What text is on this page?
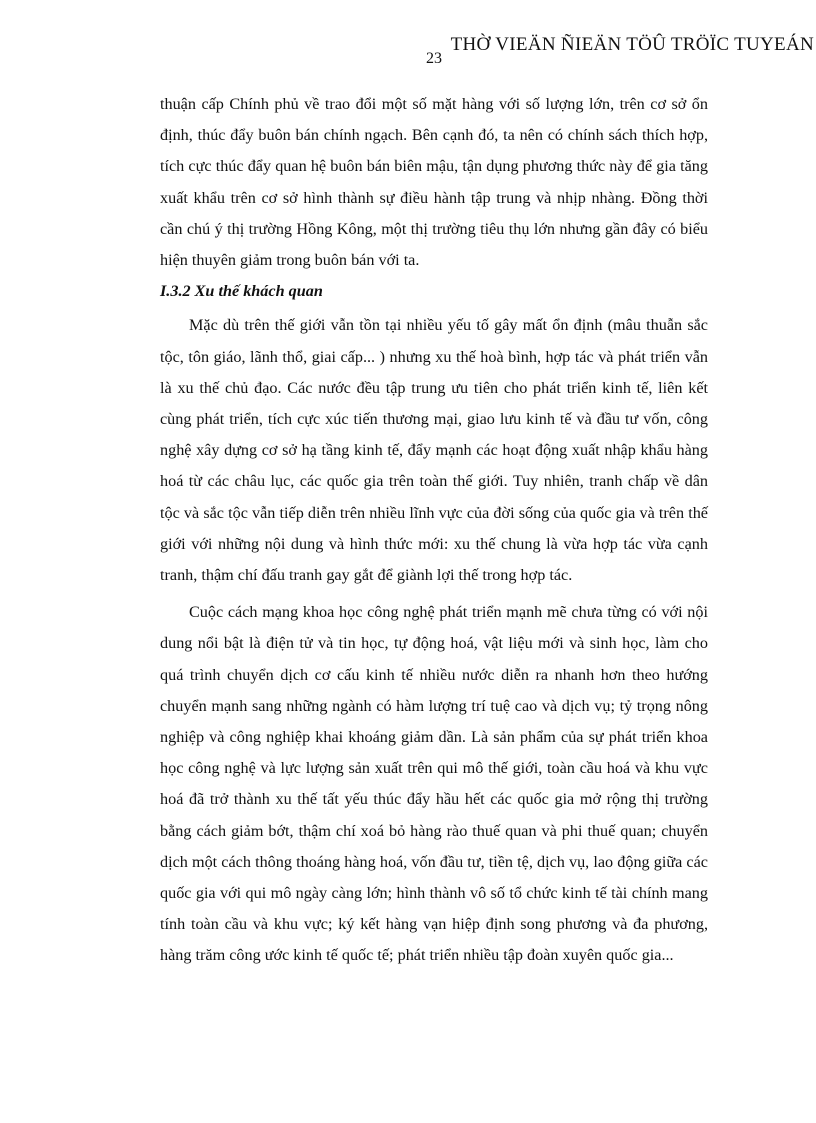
THỜ VIEÄN ÑIEÄN TÖÛ TRÖÏC TUYEÁN
23

thuận cấp Chính phủ về trao đổi một số mặt hàng với số lượng lớn, trên cơ sở ổn định, thúc đẩy buôn bán chính ngạch. Bên cạnh đó, ta nên có chính sách thích hợp, tích cực thúc đẩy quan hệ buôn bán biên mậu, tận dụng phương thức này để gia tăng xuất khẩu trên cơ sở hình thành sự điều hành tập trung và nhịp nhàng. Đồng thời cần chú ý thị trường Hồng Kông, một thị trường tiêu thụ lớn nhưng gần đây có biểu hiện thuyên giảm trong buôn bán với ta.

I.3.2 Xu thế khách quan

Mặc dù trên thế giới vẫn tồn tại nhiều yếu tố gây mất ổn định (mâu thuẫn sắc tộc, tôn giáo, lãnh thổ, giai cấp... ) nhưng xu thế hoà bình, hợp tác và phát triển vẫn là xu thế chủ đạo. Các nước đều tập trung ưu tiên cho phát triển kinh tế, liên kết cùng phát triển, tích cực xúc tiến thương mại, giao lưu kinh tế và đầu tư vốn, công nghệ xây dựng cơ sở hạ tầng kinh tế, đẩy mạnh các hoạt động xuất nhập khẩu hàng hoá từ các châu lục, các quốc gia trên toàn thế giới. Tuy nhiên, tranh chấp về dân tộc và sắc tộc vẫn tiếp diễn trên nhiều lĩnh vực của đời sống của quốc gia và trên thế giới với những nội dung và hình thức mới: xu thế chung là vừa hợp tác vừa cạnh tranh, thậm chí đấu tranh gay gắt để giành lợi thế trong hợp tác.

Cuộc cách mạng khoa học công nghệ phát triển mạnh mẽ chưa từng có với nội dung nổi bật là điện tử và tin học, tự động hoá, vật liệu mới và sinh học, làm cho quá trình chuyển dịch cơ cấu kinh tế nhiều nước diễn ra nhanh hơn theo hướng chuyển mạnh sang những ngành có hàm lượng trí tuệ cao và dịch vụ; tỷ trọng nông nghiệp và công nghiệp khai khoáng giảm dần. Là sản phẩm của sự phát triển khoa học công nghệ và lực lượng sản xuất trên qui mô thế giới, toàn cầu hoá và khu vực hoá đã trở thành xu thế tất yếu thúc đẩy hầu hết các quốc gia mở rộng thị trường bằng cách giảm bớt, thậm chí xoá bỏ hàng rào thuế quan và phi thuế quan; chuyển dịch một cách thông thoáng hàng hoá, vốn đầu tư, tiền tệ, dịch vụ, lao động giữa các quốc gia với qui mô ngày càng lớn; hình thành vô số tổ chức kinh tế tài chính mang tính toàn cầu và khu vực; ký kết hàng vạn hiệp định song phương và đa phương, hàng trăm công ước kinh tế quốc tế; phát triển nhiều tập đoàn xuyên quốc gia...
